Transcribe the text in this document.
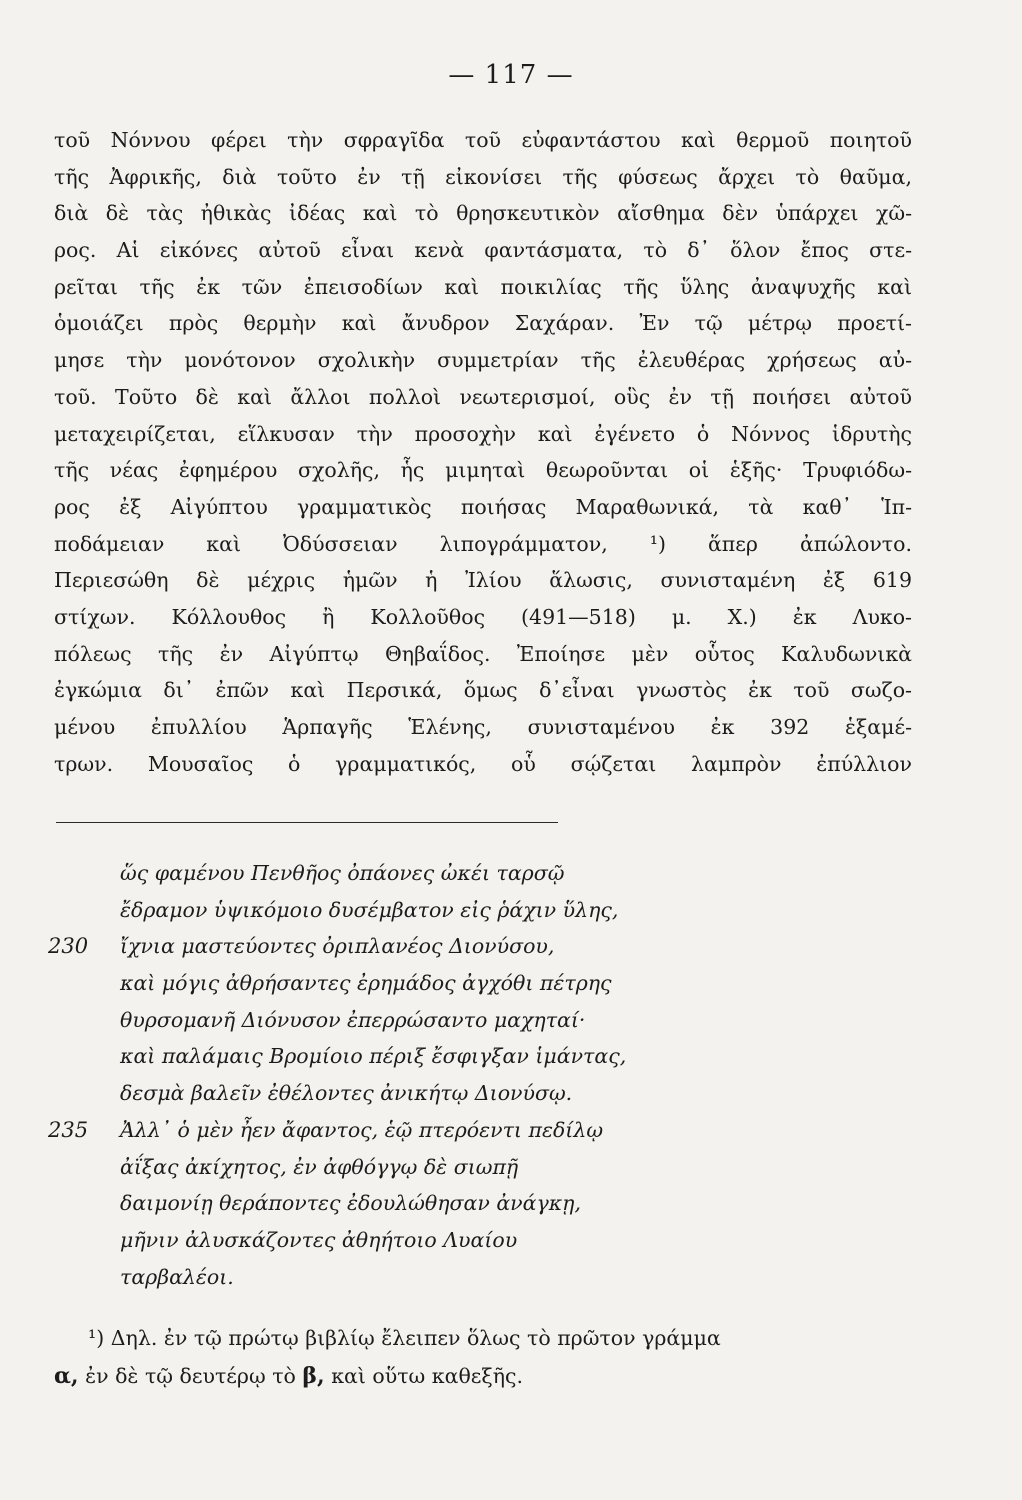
— 117 —
τοῦ Νόννου φέρει τὴν σφραγῖδα τοῦ εὐφαντάστου καὶ θερμοῦ ποιητοῦ
τῆς Ἀφρικῆς, διὰ τοῦτο ἐν τῇ εἰκονίσει τῆς φύσεως ἄρχει τὸ θαῦμα,
διὰ δὲ τὰς ἠθικὰς ἰδέας καὶ τὸ θρησκευτικὸν αἴσθημα δὲν ὑπάρχει χῶ-
ρος. Αἱ εἰκόνες αὐτοῦ εἶναι κενὰ φαντάσματα, τὸ δ᾽ ὅλον ἔπος στε-
ρεῖται τῆς ἐκ τῶν ἐπεισοδίων καὶ ποικιλίας τῆς ὕλης ἀναψυχῆς καὶ
ὁμοιάζει πρὸς θερμὴν καὶ ἄνυδρον Σαχάραν. Ἐν τῷ μέτρῳ προετί-
μησε τὴν μονότονον σχολικὴν συμμετρίαν τῆς ἐλευθέρας χρήσεως αὐ-
τοῦ. Τοῦτο δὲ καὶ ἄλλοι πολλοὶ νεωτερισμοί, οὓς ἐν τῇ ποιήσει αὐτοῦ
μεταχειρίζεται, εἵλκυσαν τὴν προσοχὴν καὶ ἐγένετο ὁ Νόννος ἱδρυτὴς
τῆς νέας ἐφημέρου σχολῆς, ἧς μιμηταὶ θεωροῦνται οἱ ἑξῆς· Τρυφιόδω-
ρος ἐξ Αἰγύπτου γραμματικὸς ποιήσας Μαραθωνικά, τὰ καθ᾽ Ἱπ-
ποδάμειαν καὶ Ὀδύσσειαν λιπογράμματον, ¹) ἅπερ ἀπώλοντο.
Περιεσώθη δὲ μέχρις ἡμῶν ἡ Ἰλίου ἅλωσις, συνισταμένη ἐξ 619
στίχων. Κόλλουθος ἢ Κολλοῦθος (491—518) μ. Χ.) ἐκ Λυκο-
πόλεως τῆς ἐν Αἰγύπτῳ Θηβαΐδος. Ἐποίησε μὲν οὗτος Καλυδωνικὰ
ἐγκώμια δι᾽ ἐπῶν καὶ Περσικά, ὅμως δ᾽εἶναι γνωστὸς ἐκ τοῦ σωζο-
μένου ἐπυλλίου Ἁρπαγῆς Ἑλένης, συνισταμένου ἐκ 392 ἑξαμέ-
τρων. Μουσαῖος ὁ γραμματικός, οὗ σῴζεται λαμπρὸν ἐπύλλιον
ὥς φαμένου Πενθῆος ὀπάονες ὠκέι ταρσῷ
ἔδραμον ὑψικόμοιο δυσέμβατον εἰς ῥάχιν ὕλης,
230	ἴχνια μαστεύοντες ὀριπλανέος Διονύσου,
καὶ μόγις ἀθρήσαντες ἐρημάδος ἀγχόθι πέτρης
θυρσομανῆ Διόνυσον ἐπερρώσαντο μαχηταί·
καὶ παλάμαις Βρομίοιο πέριξ ἔσφιγξαν ἱμάντας,
δεσμὰ βαλεῖν ἐθέλοντες ἀνικήτῳ Διονύσῳ.
235	Ἀλλ᾽ ὁ μὲν ἦεν ἄφαντος, ἑῷ πτερόεντι πεδίλῳ
ἀΐξας ἀκίχητος, ἐν ἀφθόγγῳ δὲ σιωπῇ
δαιμονίῃ θεράποντες ἐδουλώθησαν ἀνάγκῃ,
μῆνιν ἀλυσκάζοντες ἀθηήτοιο Λυαίου
ταρβαλέοι.
¹) Δηλ. ἐν τῷ πρώτῳ βιβλίῳ ἔλειπεν ὅλως τὸ πρῶτον γράμμα
α, ἐν δὲ τῷ δευτέρῳ τὸ β, καὶ οὕτω καθεξῆς.
